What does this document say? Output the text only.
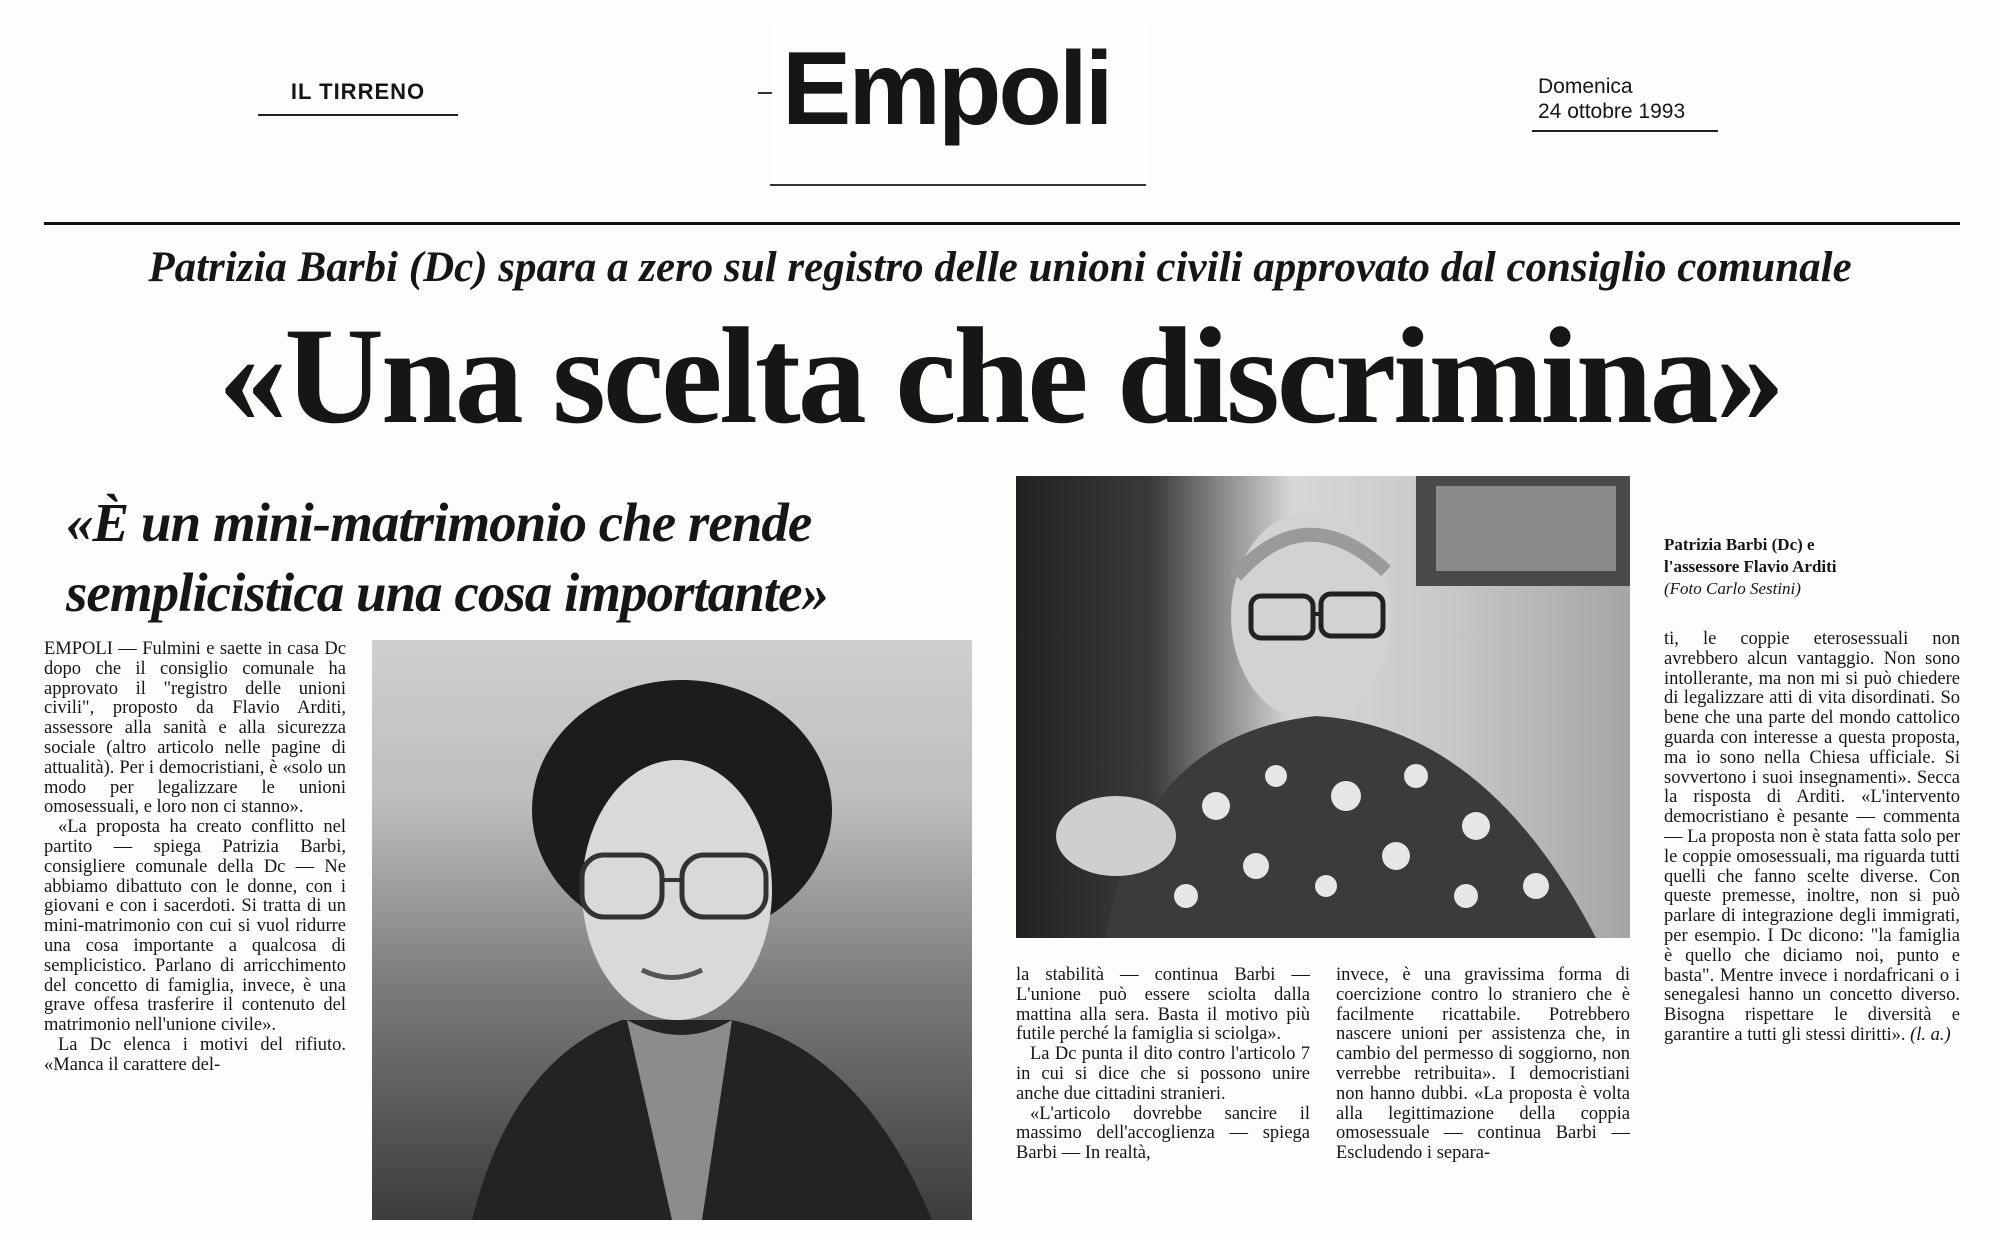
IL TIRRENO	Empoli	Domenica
24 ottobre 1993
Patrizia Barbi (Dc) spara a zero sul registro delle unioni civili approvato dal consiglio comunale
«Una scelta che discrimina»
«È un mini-matrimonio che rende semplicistica una cosa importante»
Patrizia Barbi (Dc) e
l'assessore Flavio Arditi
(Foto Carlo Sestini)

EMPOLI — Fulmini e saette in casa Dc dopo che il consiglio comunale ha approvato il "registro delle unioni civili", proposto da Flavio Arditi, assessore alla sanità e alla sicurezza sociale (altro articolo nelle pagine di attualità). Per i democristiani, è «solo un modo per legalizzare le unioni omosessuali, e loro non ci stanno».

«La proposta ha creato conflitto nel partito — spiega Patrizia Barbi, consigliere comunale della Dc — Ne abbiamo dibattuto con le donne, con i giovani e con i sacerdoti. Si tratta di un mini-matrimonio con cui si vuol ridurre una cosa importante a qualcosa di semplicistico. Parlano di arricchimento del concetto di famiglia, invece, è una grave offesa trasferire il contenuto del matrimonio nell'unione civile».

La Dc elenca i motivi del rifiuto. «Manca il carattere del-

la stabilità — continua Barbi — L'unione può essere sciolta dalla mattina alla sera. Basta il motivo più futile perché la famiglia si sciolga».

La Dc punta il dito contro l'articolo 7 in cui si dice che si possono unire anche due cittadini stranieri.

«L'articolo dovrebbe sancire il massimo dell'accoglienza — spiega Barbi — In realtà,

invece, è una gravissima forma di coercizione contro lo straniero che è facilmente ricattabile. Potrebbero nascere unioni per assistenza che, in cambio del permesso di soggiorno, non verrebbe retribuita». I democristiani non hanno dubbi. «La proposta è volta alla legittimazione della coppia omosessuale — continua Barbi — Escludendo i separa-

ti, le coppie eterosessuali non avrebbero alcun vantaggio. Non sono intollerante, ma non mi si può chiedere di legalizzare atti di vita disordinati. So bene che una parte del mondo cattolico guarda con interesse a questa proposta, ma io sono nella Chiesa ufficiale. Si sovvertono i suoi insegnamenti». Secca la risposta di Arditi. «L'intervento democristiano è pesante — commenta — La proposta non è stata fatta solo per le coppie omosessuali, ma riguarda tutti quelli che fanno scelte diverse. Con queste premesse, inoltre, non si può parlare di integrazione degli immigrati, per esempio. I Dc dicono: "la famiglia è quello che diciamo noi, punto e basta". Mentre invece i nordafricani o i senegalesi hanno un concetto diverso. Bisogna rispettare le diversità e garantire a tutti gli stessi diritti». (l. a.)
